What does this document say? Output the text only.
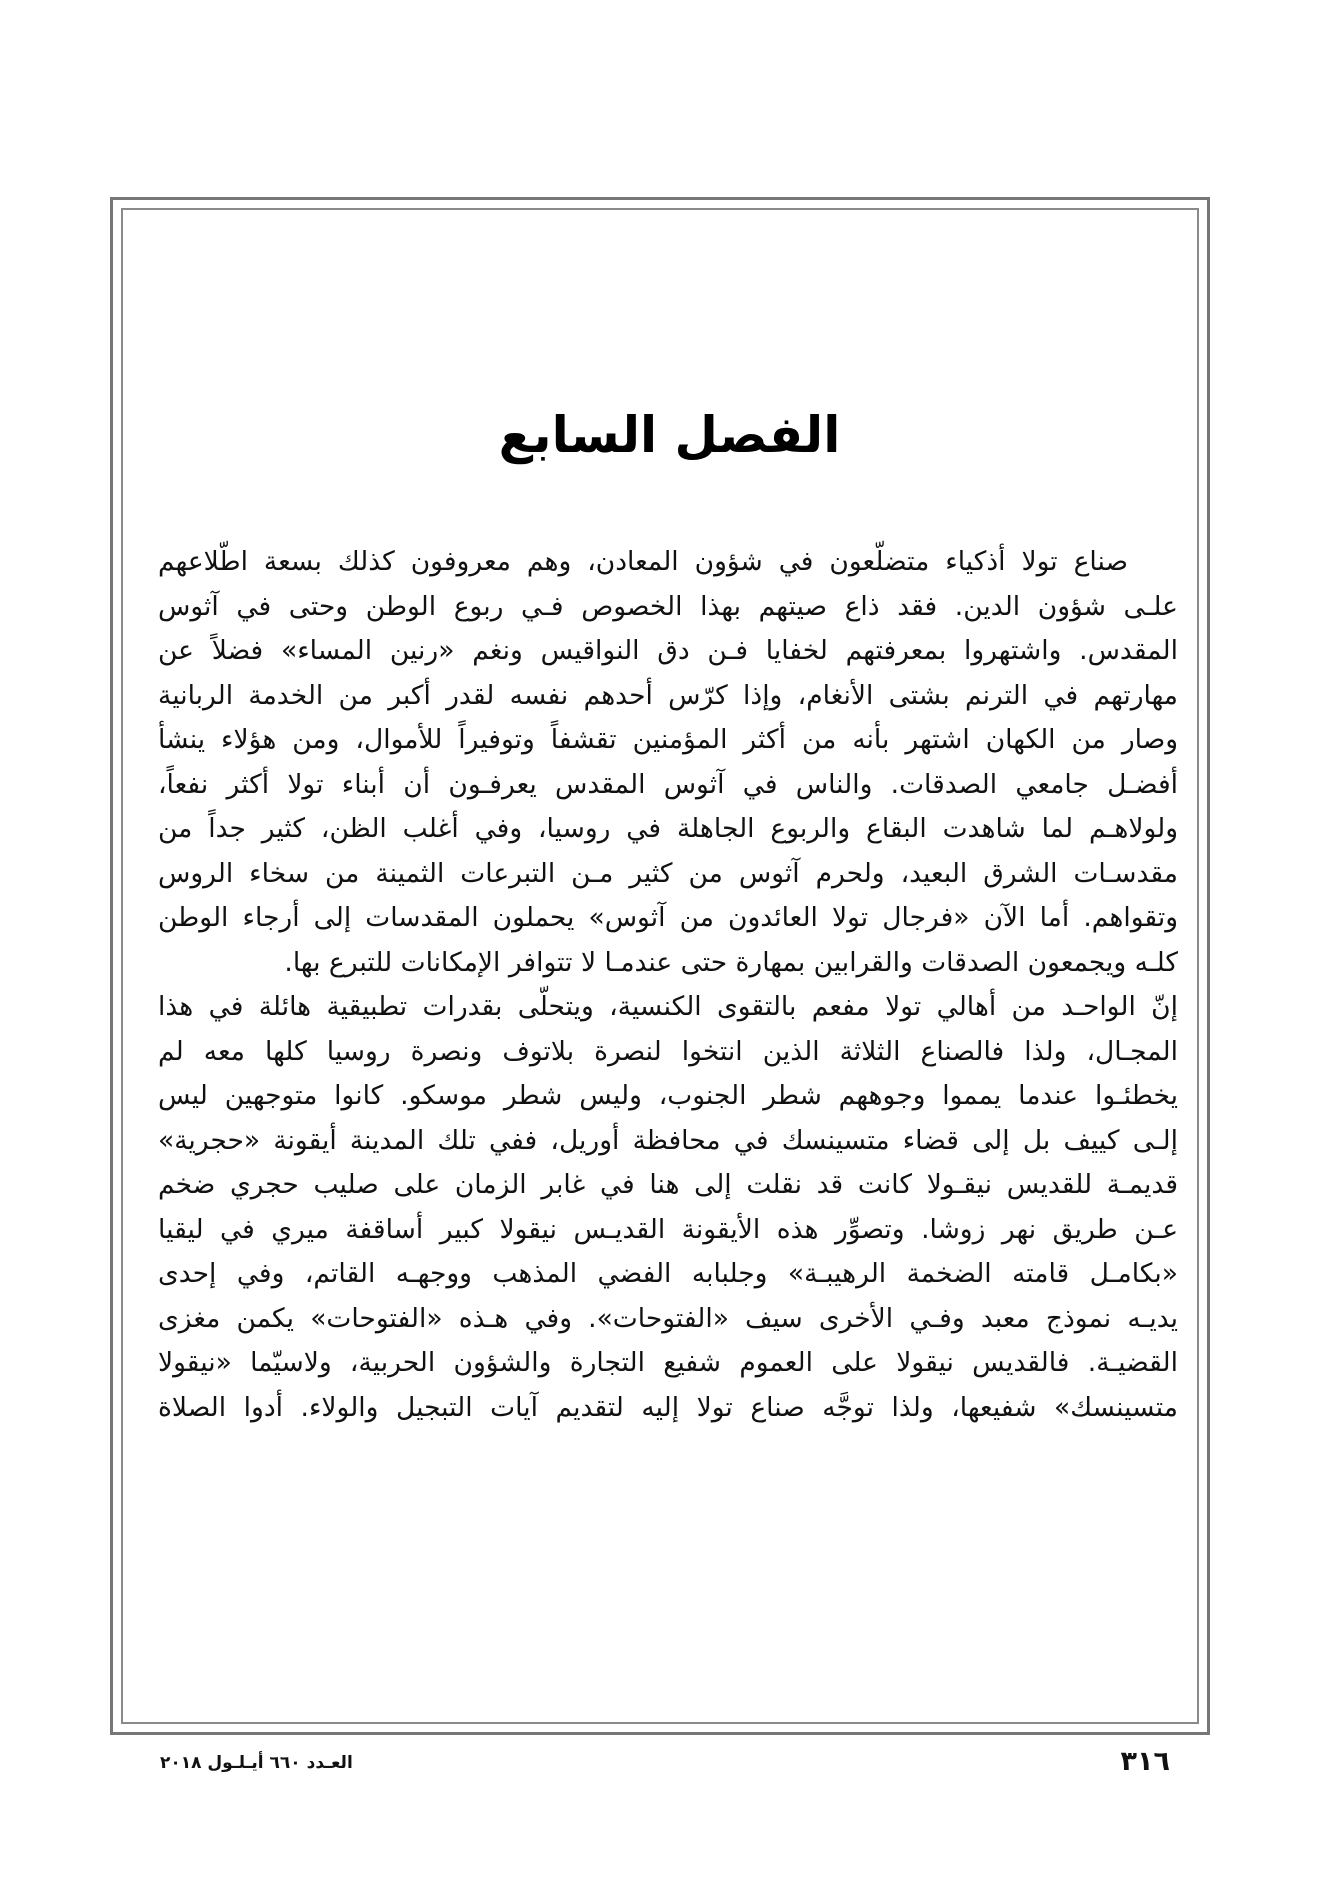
الفصل السابع
صناع تولا أذكياء متضلّعون في شؤون المعادن، وهم معروفون كذلك بسعة اطّلاعهم
علـى شؤون الدين. فقد ذاع صيتهم بهذا الخصوص فـي ربوع الوطن وحتى في آثوس
المقدس. واشتهروا بمعرفتهم لخفايا فـن دق النواقيس ونغم «رنين المساء» فضلاً عن
مهارتهم في الترنم بشتى الأنغام، وإذا كرّس أحدهم نفسه لقدر أكبر من الخدمة الربانية
وصار من الكهان اشتهر بأنه من أكثر المؤمنين تقشفاً وتوفيراً للأموال، ومن هؤلاء ينشأ
أفضـل جامعي الصدقات. والناس في آثوس المقدس يعرفـون أن أبناء تولا أكثر نفعاً،
ولولاهـم لما شاهدت البقاع والربوع الجاهلة في روسيا، وفي أغلب الظن، كثير جداً من
مقدسـات الشرق البعيد، ولحرم آثوس من كثير مـن التبرعات الثمينة من سخاء الروس
وتقواهم. أما الآن «فرجال تولا العائدون من آثوس» يحملون المقدسات إلى أرجاء الوطن
كلـه ويجمعون الصدقات والقرابين بمهارة حتى عندمـا لا تتوافر الإمكانات للتبرع بها.
إنّ الواحـد من أهالي تولا مفعم بالتقوى الكنسية، ويتحلّى بقدرات تطبيقية هائلة في هذا
المجـال، ولذا فالصناع الثلاثة الذين انتخوا لنصرة بلاتوف ونصرة روسيا كلها معه لم
يخطئـوا عندما يمموا وجوههم شطر الجنوب، وليس شطر موسكو. كانوا متوجهين ليس
إلـى كييف بل إلى قضاء متسينسك في محافظة أوريل، ففي تلك المدينة أيقونة «حجرية»
قديمـة للقديس نيقـولا كانت قد نقلت إلى هنا في غابر الزمان على صليب حجري ضخم
عـن طريق نهر زوشا. وتصوِّر هذه الأيقونة القديـس نيقولا كبير أساقفة ميري في ليقيا
«بكامـل قامته الضخمة الرهيبـة» وجلبابه الفضي المذهب ووجهـه القاتم، وفي إحدى
يديـه نموذج معبد وفـي الأخرى سيف «الفتوحات». وفي هـذه «الفتوحات» يكمن مغزى
القضيـة. فالقديس نيقولا على العموم شفيع التجارة والشؤون الحربية، ولاسيّما «نيقولا
متسينسك» شفيعها، ولذا توجَّه صناع تولا إليه لتقديم آيات التبجيل والولاء. أدوا الصلاة
٣١٦
العـدد ٦٦٠ أيـلـول ٢٠١٨
